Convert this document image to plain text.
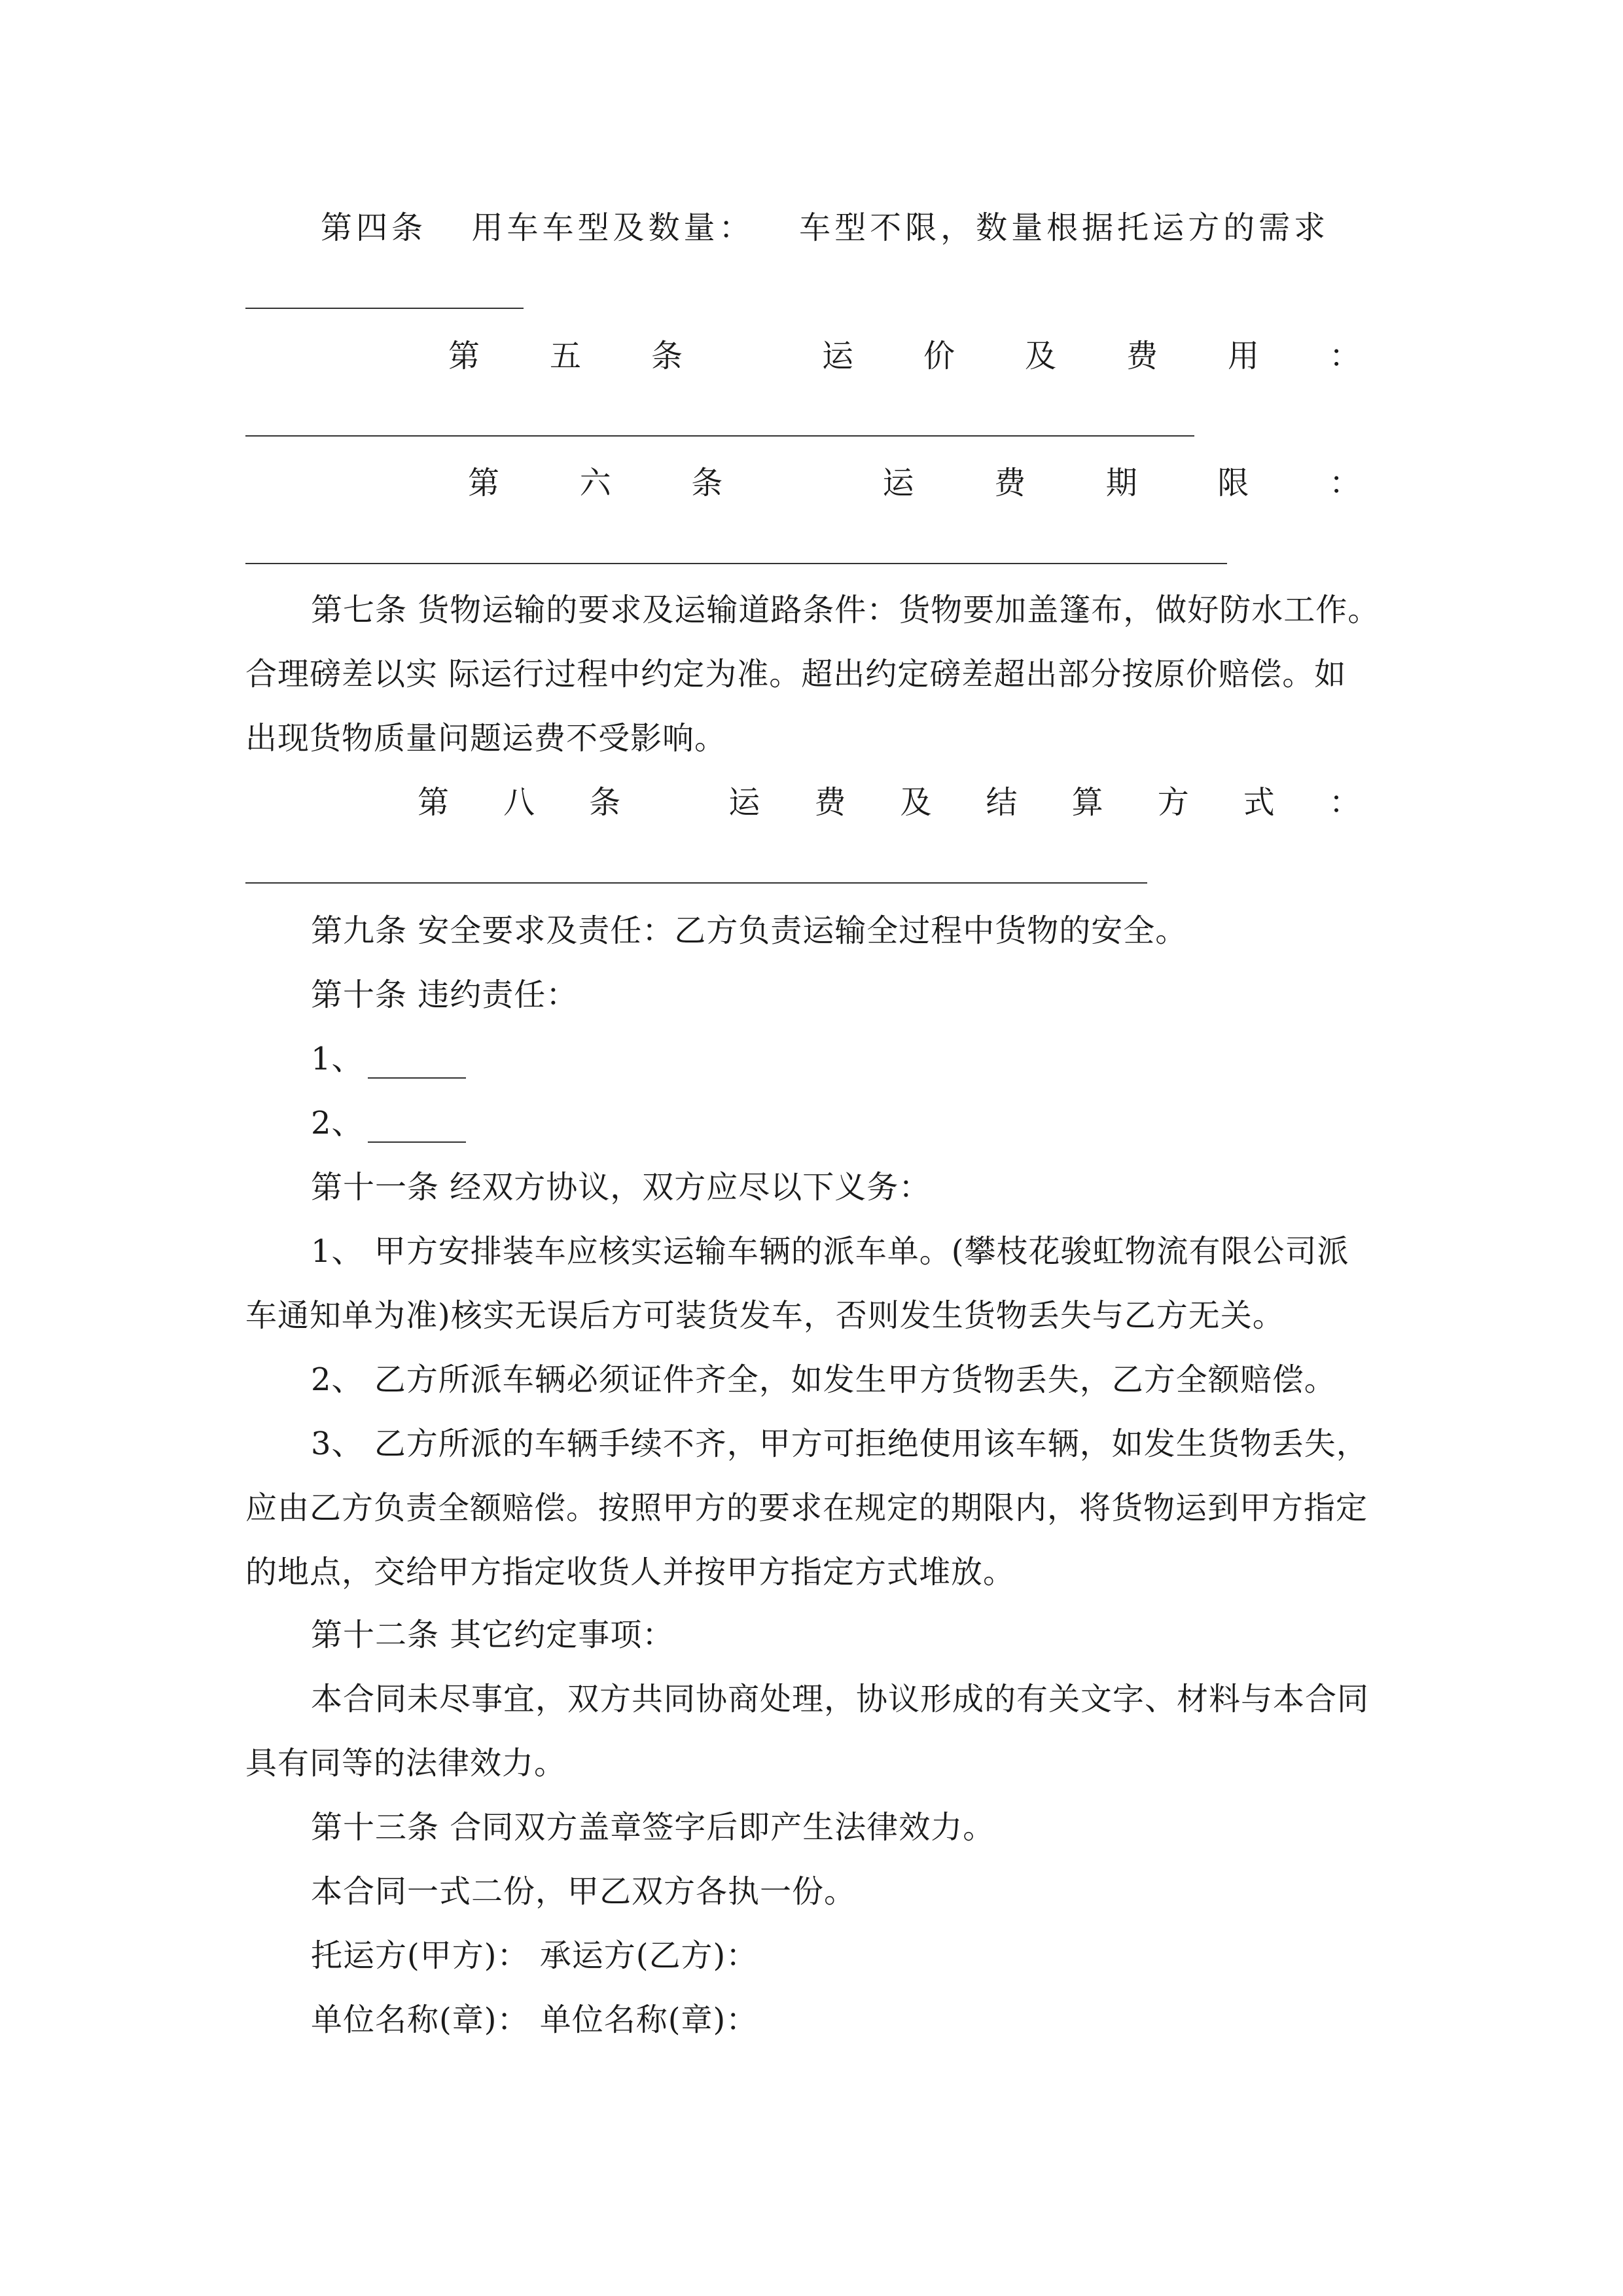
第四条 用车车型及数量： 车型不限，数量根据托运方的需求
第 五 条	运 价 及 费 用 ：
第	六	条	运	费	期	限	：
第七条 货物运输的要求及运输道路条件：货物要加盖篷布，做好防水工作。
合理磅差以实 际运行过程中约定为准。超出约定磅差超出部分按原价赔偿。如
出现货物质量问题运费不受影响。
第 八 条	运 费 及 结 算 方 式 ：
第九条 安全要求及责任：乙方负责运输全过程中货物的安全。
第十条 违约责任：
1、
2、
第十一条 经双方协议，双方应尽以下义务：
1、 甲方安排装车应核实运输车辆的派车单。(攀枝花骏虹物流有限公司派
车通知单为准)核实无误后方可装货发车，否则发生货物丢失与乙方无关。
2、 乙方所派车辆必须证件齐全，如发生甲方货物丢失，乙方全额赔偿。
3、 乙方所派的车辆手续不齐，甲方可拒绝使用该车辆，如发生货物丢失，
应由乙方负责全额赔偿。按照甲方的要求在规定的期限内，将货物运到甲方指定
的地点，交给甲方指定收货人并按甲方指定方式堆放。
第十二条 其它约定事项：
本合同未尽事宜，双方共同协商处理，协议形成的有关文字、材料与本合同
具有同等的法律效力。
第十三条 合同双方盖章签字后即产生法律效力。
本合同一式二份，甲乙双方各执一份。
托运方(甲方)： 承运方(乙方)：
单位名称(章)： 单位名称(章)：
